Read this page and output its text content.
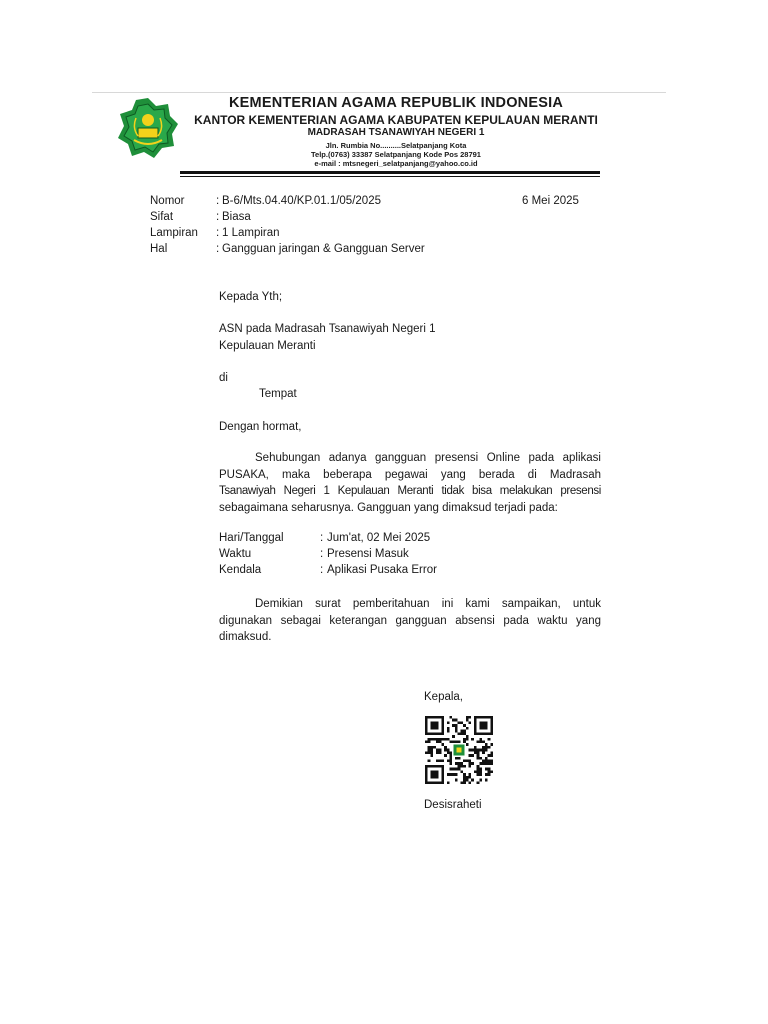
KEMENTERIAN AGAMA REPUBLIK INDONESIA
KANTOR KEMENTERIAN AGAMA KABUPATEN KEPULAUAN MERANTI
MADRASAH TSANAWIYAH NEGERI 1
Jln. Rumbia No..........Selatpanjang Kota
Telp.(0763) 33387 Selatpanjang Kode Pos 28791
e-mail : mtsnegeri_selatpanjang@yahoo.co.id
Nomor	: B-6/Mts.04.40/KP.01.1/05/2025	6 Mei 2025
Sifat	: Biasa
Lampiran : 1 Lampiran
Hal	: Gangguan jaringan & Gangguan Server
Kepada Yth;
ASN pada Madrasah Tsanawiyah Negeri 1
Kepulauan Meranti
di
Tempat
Dengan hormat,
Sehubungan adanya gangguan presensi Online pada aplikasi
PUSAKA, maka beberapa pegawai yang berada di Madrasah
Tsanawiyah Negeri 1 Kepulauan Meranti tidak bisa melakukan presensi
sebagaimana seharusnya. Gangguan yang dimaksud terjadi pada:
Hari/Tanggal	: Jum'at, 02 Mei 2025
Waktu	: Presensi Masuk
Kendala	: Aplikasi Pusaka Error
Demikian surat pemberitahuan ini kami sampaikan, untuk
digunakan sebagai keterangan gangguan absensi pada waktu yang
dimaksud.
Kepala,
Desisraheti
